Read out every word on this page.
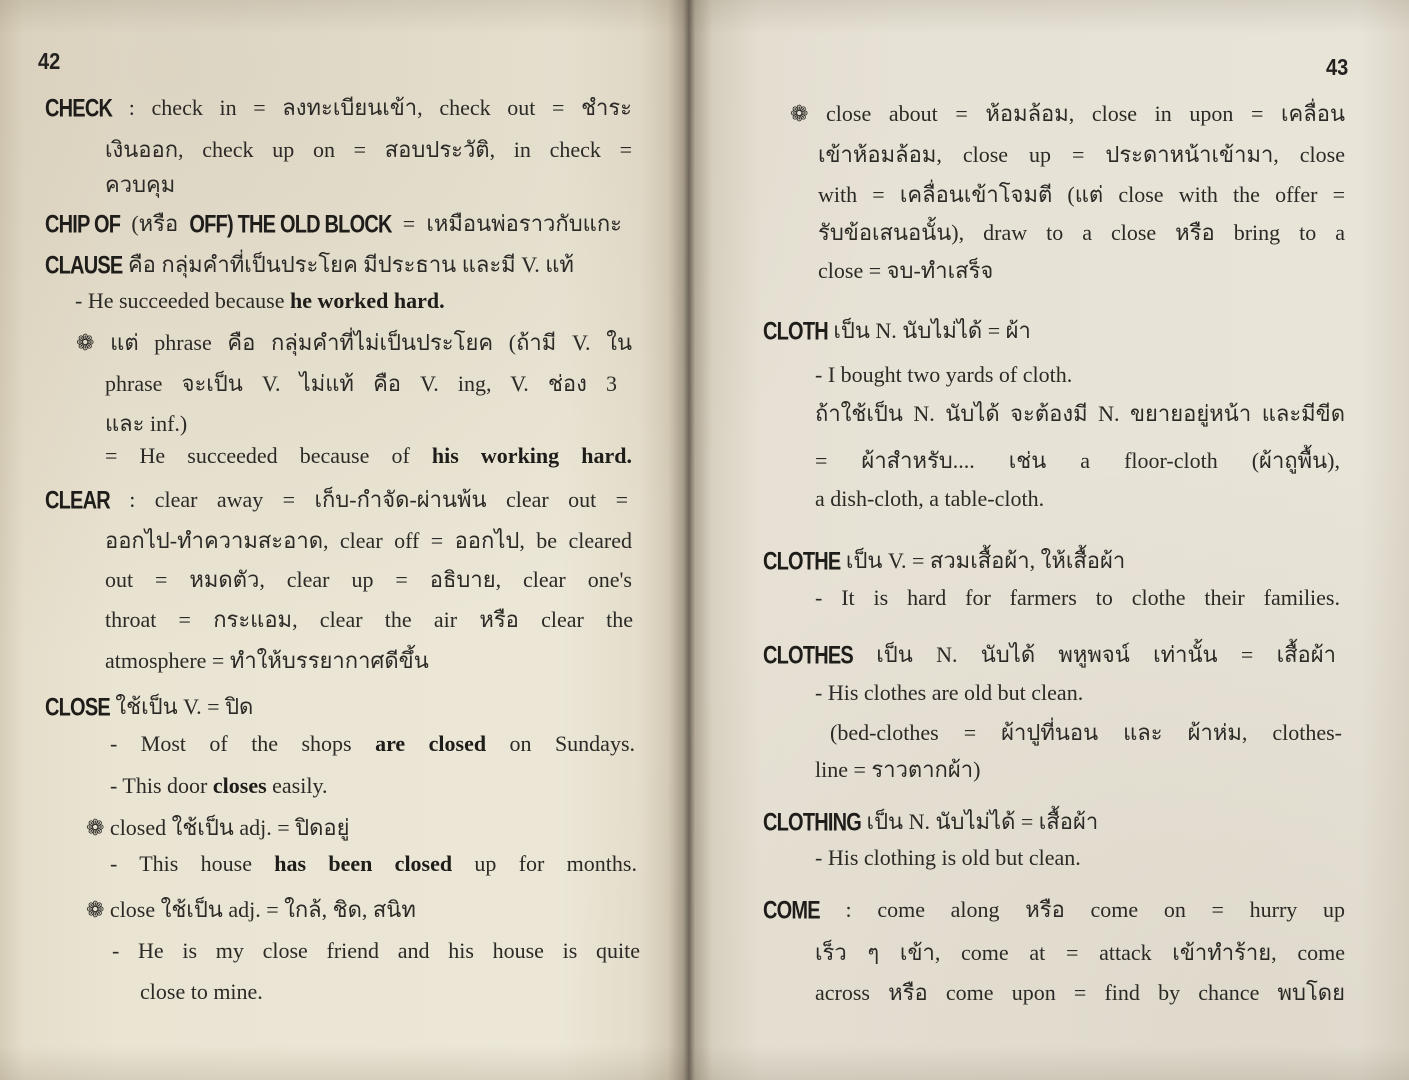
42
CHECK : check in = ลงทะเบียนเข้า, check out = ชำระ
เงินออก, check up on = สอบประวัติ, in check =
ควบคุม
CHIP OF (หรือ OFF) THE OLD BLOCK = เหมือนพ่อราวกับแกะ
CLAUSE คือ กลุ่มคำที่เป็นประโยค มีประธาน และมี V. แท้
- He succeeded because he worked hard.
❁ แต่ phrase คือ กลุ่มคำที่ไม่เป็นประโยค (ถ้ามี V. ใน
phrase จะเป็น V. ไม่แท้ คือ V. ing, V. ช่อง 3
และ inf.)
= He succeeded because of his working hard.
CLEAR : clear away = เก็บ-กำจัด-ผ่านพ้น clear out =
ออกไป-ทำความสะอาด, clear off = ออกไป, be cleared
out = หมดตัว, clear up = อธิบาย, clear one's
throat = กระแอม, clear the air หรือ clear the
atmosphere = ทำให้บรรยากาศดีขึ้น
CLOSE ใช้เป็น V. = ปิด
- Most of the shops are closed on Sundays.
- This door closes easily.
❁ closed ใช้เป็น adj. = ปิดอยู่
- This house has been closed up for months.
❁ close ใช้เป็น adj. = ใกล้, ชิด, สนิท
- He is my close friend and his house is quite
close to mine.
43
❁ close about = ห้อมล้อม, close in upon = เคลื่อน
เข้าห้อมล้อม, close up = ประดาหน้าเข้ามา, close
with = เคลื่อนเข้าโจมตี (แต่ close with the offer =
รับข้อเสนอนั้น), draw to a close หรือ bring to a
close = จบ-ทำเสร็จ
CLOTH เป็น N. นับไม่ได้ = ผ้า
- I bought two yards of cloth.
ถ้าใช้เป็น N. นับได้ จะต้องมี N. ขยายอยู่หน้า และมีขีด
= ผ้าสำหรับ.... เช่น a floor-cloth (ผ้าถูพื้น),
a dish-cloth, a table-cloth.
CLOTHE เป็น V. = สวมเสื้อผ้า, ให้เสื้อผ้า
- It is hard for farmers to clothe their families.
CLOTHES เป็น N. นับได้ พหูพจน์ เท่านั้น = เสื้อผ้า
- His clothes are old but clean.
(bed-clothes = ผ้าปูที่นอน และ ผ้าห่ม, clothes-
line = ราวตากผ้า)
CLOTHING เป็น N. นับไม่ได้ = เสื้อผ้า
- His clothing is old but clean.
COME : come along หรือ come on = hurry up
เร็ว ๆ เข้า, come at = attack เข้าทำร้าย, come
across หรือ come upon = find by chance พบโดย
